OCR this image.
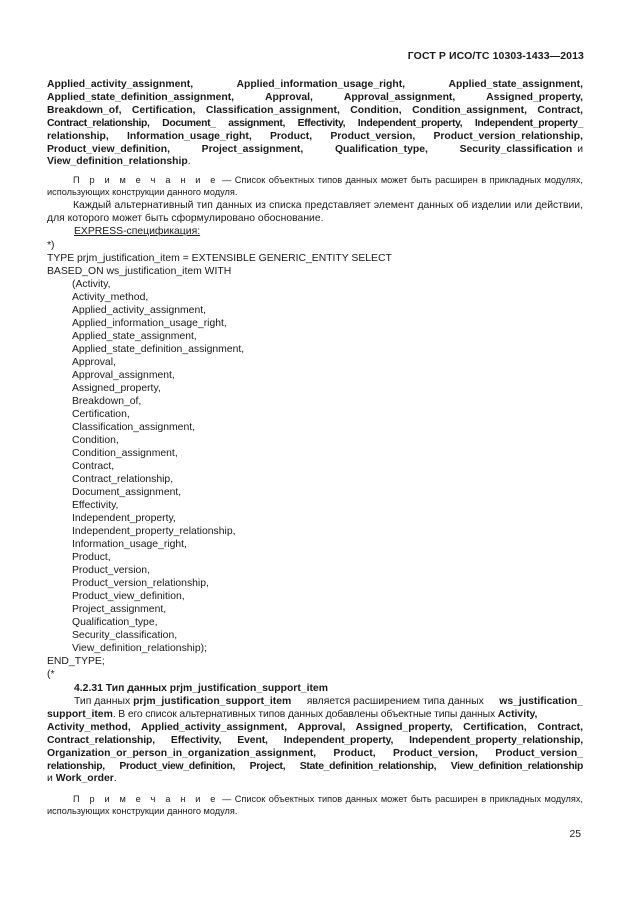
ГОСТ Р ИСО/ТС 10303-1433—2013
Applied_activity_assignment, Applied_information_usage_right, Applied_state_assignment,
Applied_state_definition_assignment, Approval, Approval_assignment, Assigned_property,
Breakdown_of, Certification, Classification_assignment, Condition, Condition_assignment, Contract,
Contract_relationship, Document_ assignment, Effectivity, Independent_property, Independent_property_
relationship, Information_usage_right, Product, Product_version, Product_version_relationship,
Product_view_definition, Project_assignment, Qualification_type, Security_classification и
View_definition_relationship.

П р и м е ч а н и е — Список объектных типов данных может быть расширен в прикладных модулях, использующих конструкции данного модуля.

Каждый альтернативный тип данных из списка представляет элемент данных об изделии или действии, для которого может быть сформулировано обоснование.

EXPRESS-спецификация:
*)
TYPE prjm_justification_item = EXTENSIBLE GENERIC_ENTITY SELECT
BASED_ON ws_justification_item WITH
(Activity,
Activity_method,
Applied_activity_assignment,
Applied_information_usage_right,
Applied_state_assignment,
Applied_state_definition_assignment,
Approval,
Approval_assignment,
Assigned_property,
Breakdown_of,
Certification,
Classification_assignment,
Condition,
Condition_assignment,
Contract,
Contract_relationship,
Document_assignment,
Effectivity,
Independent_property,
Independent_property_relationship,
Information_usage_right,
Product,
Product_version,
Product_version_relationship,
Product_view_definition,
Project_assignment,
Qualification_type,
Security_classification,
View_definition_relationship);
END_TYPE;
(*
4.2.31 Тип данных prjm_justification_support_item
Тип данных prjm_justification_support_item	является расширением типа данных	ws_justification_
support_item . В его список альтернативных типов данных добавлены объектные типы данных Activity,
Activity_method, Applied_activity_assignment, Approval, Assigned_property, Certification, Contract,
Contract_relationship, Effectivity, Event, Independent_property, Independent_property_relationship,
Organization_or_person_in_organization_assignment, Product, Product_version, Product_version_
relationship, Product_view_definition, Project, State_definition_relationship, View_definition_relationship
и Work_order.

П р и м е ч а н и е — Список объектных типов данных может быть расширен в прикладных модулях, использующих конструкции данного модуля.

25
